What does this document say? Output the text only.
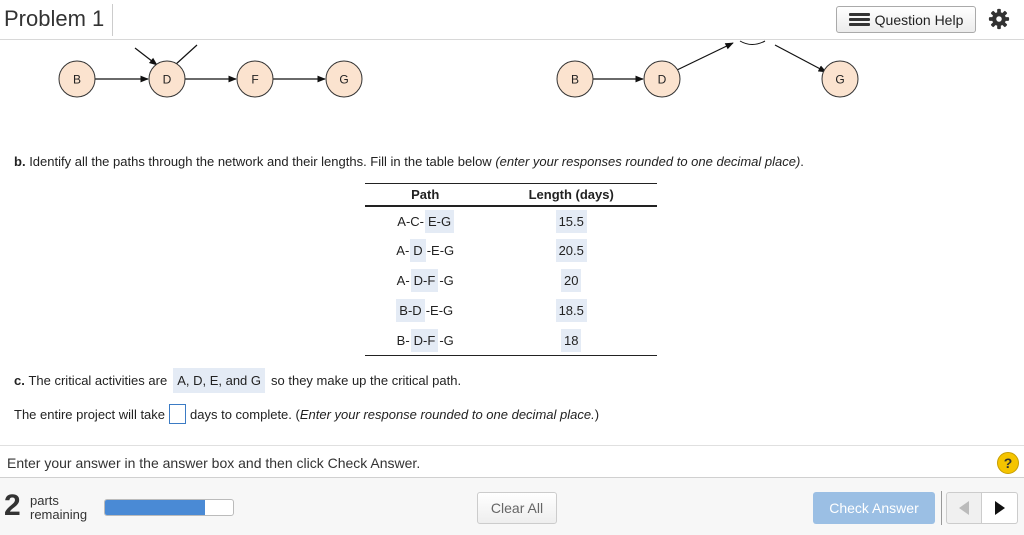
Problem 1	Question Help
B	D	F	G	B	D	G
b. Identify all the paths through the network and their lengths. Fill in the table below (enter your responses rounded to one decimal place).
Path	Length (days)
A-C- E-G	15.5
A- D -E-G	20.5
A- D-F -G	20
B-D -E-G	18.5
B- D-F -G	18
c.
The critical activities are A, D, E, and G so they make up the critical path.
The entire project will take days to complete. ( Enter your response rounded to one decimal place. )
Enter your answer in the answer box and then click Check Answer.	?
2 parts
remaining	Clear All	Check Answer
